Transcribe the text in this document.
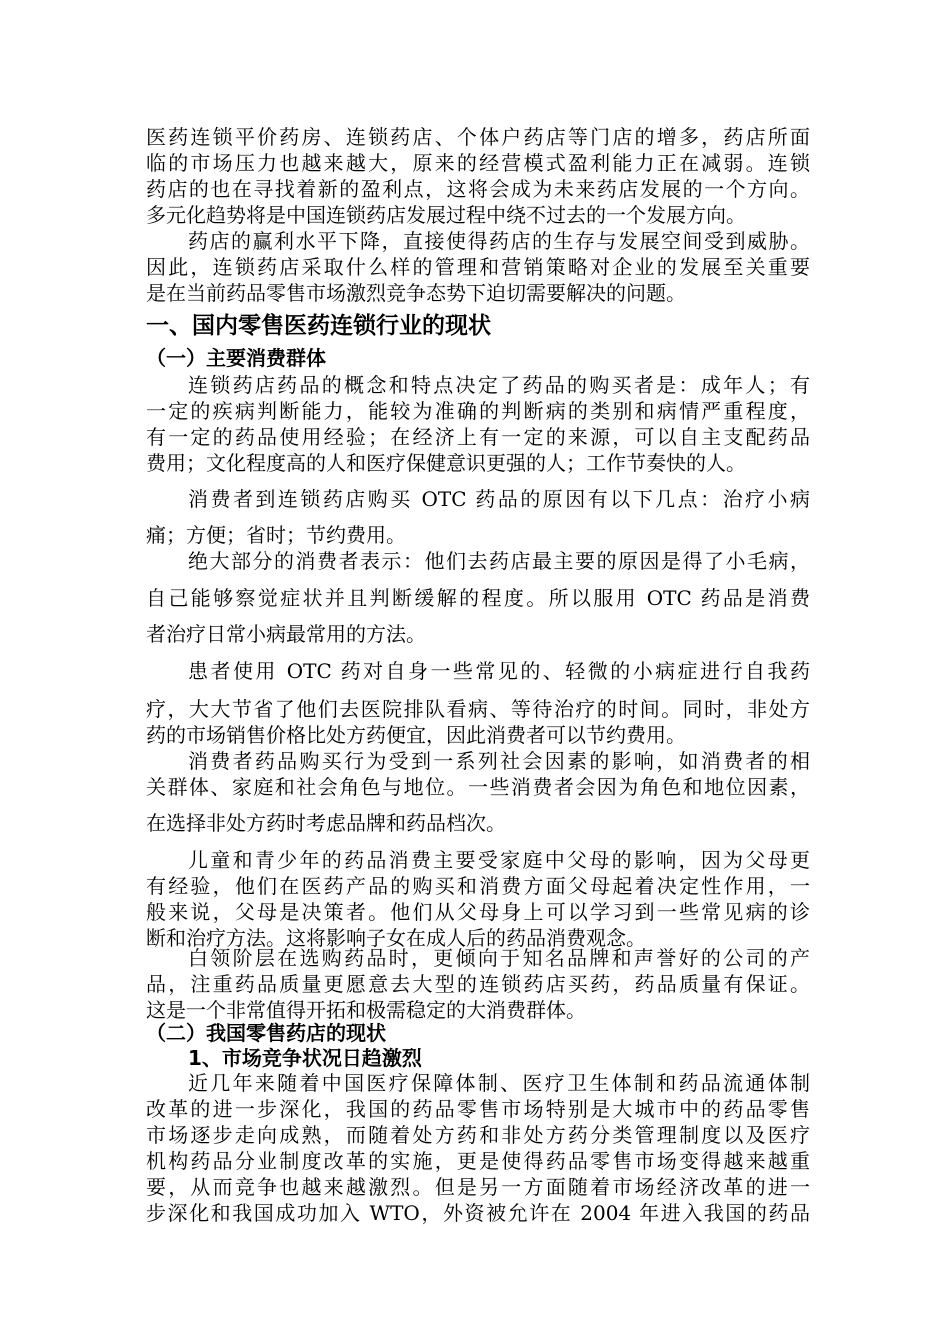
医药连锁平价药房、连锁药店、个体户药店等门店的增多，药店所面

临的市场压力也越来越大，原来的经营模式盈利能力正在减弱。连锁

药店的也在寻找着新的盈利点，这将会成为未来药店发展的一个方向。

多元化趋势将是中国连锁药店发展过程中绕不过去的一个发展方向。

药店的赢利水平下降，直接使得药店的生存与发展空间受到威胁。

因此，连锁药店采取什么样的管理和营销策略对企业的发展至关重要

是在当前药品零售市场激烈竞争态势下迫切需要解决的问题。

一、国内零售医药连锁行业的现状
（一）主要消费群体

连锁药店药品的概念和特点决定了药品的购买者是：成年人；有

一定的疾病判断能力，能较为准确的判断病的类别和病情严重程度，

有一定的药品使用经验；在经济上有一定的来源，可以自主支配药品

费用；文化程度高的人和医疗保健意识更强的人；工作节奏快的人。

消费者到连锁药店购买 OTC 药品的原因有以下几点：治疗小病

痛；方便；省时；节约费用。

绝大部分的消费者表示：他们去药店最主要的原因是得了小毛病，

自己能够察觉症状并且判断缓解的程度。所以服用 OTC 药品是消费

者治疗日常小病最常用的方法。

患者使用 OTC 药对自身一些常见的、轻微的小病症进行自我药

疗，大大节省了他们去医院排队看病、等待治疗的时间。同时，非处方

药的市场销售价格比处方药便宜，因此消费者可以节约费用。

消费者药品购买行为受到一系列社会因素的影响，如消费者的相

关群体、家庭和社会角色与地位。一些消费者会因为角色和地位因素，

在选择非处方药时考虑品牌和药品档次。

儿童和青少年的药品消费主要受家庭中父母的影响，因为父母更

有经验，他们在医药产品的购买和消费方面父母起着决定性作用，一

般来说，父母是决策者。他们从父母身上可以学习到一些常见病的诊

断和治疗方法。这将影响子女在成人后的药品消费观念。

白领阶层在选购药品时，更倾向于知名品牌和声誉好的公司的产

品，注重药品质量更愿意去大型的连锁药店买药，药品质量有保证。

这是一个非常值得开拓和极需稳定的大消费群体。

（二）我国零售药店的现状
1、市场竞争状况日趋激烈

近几年来随着中国医疗保障体制、医疗卫生体制和药品流通体制

改革的进一步深化，我国的药品零售市场特别是大城市中的药品零售

市场逐步走向成熟，而随着处方药和非处方药分类管理制度以及医疗

机构药品分业制度改革的实施，更是使得药品零售市场变得越来越重

要，从而竞争也越来越激烈。但是另一方面随着市场经济改革的进一

步深化和我国成功加入 WTO，外资被允许在 2004 年进入我国的药品
